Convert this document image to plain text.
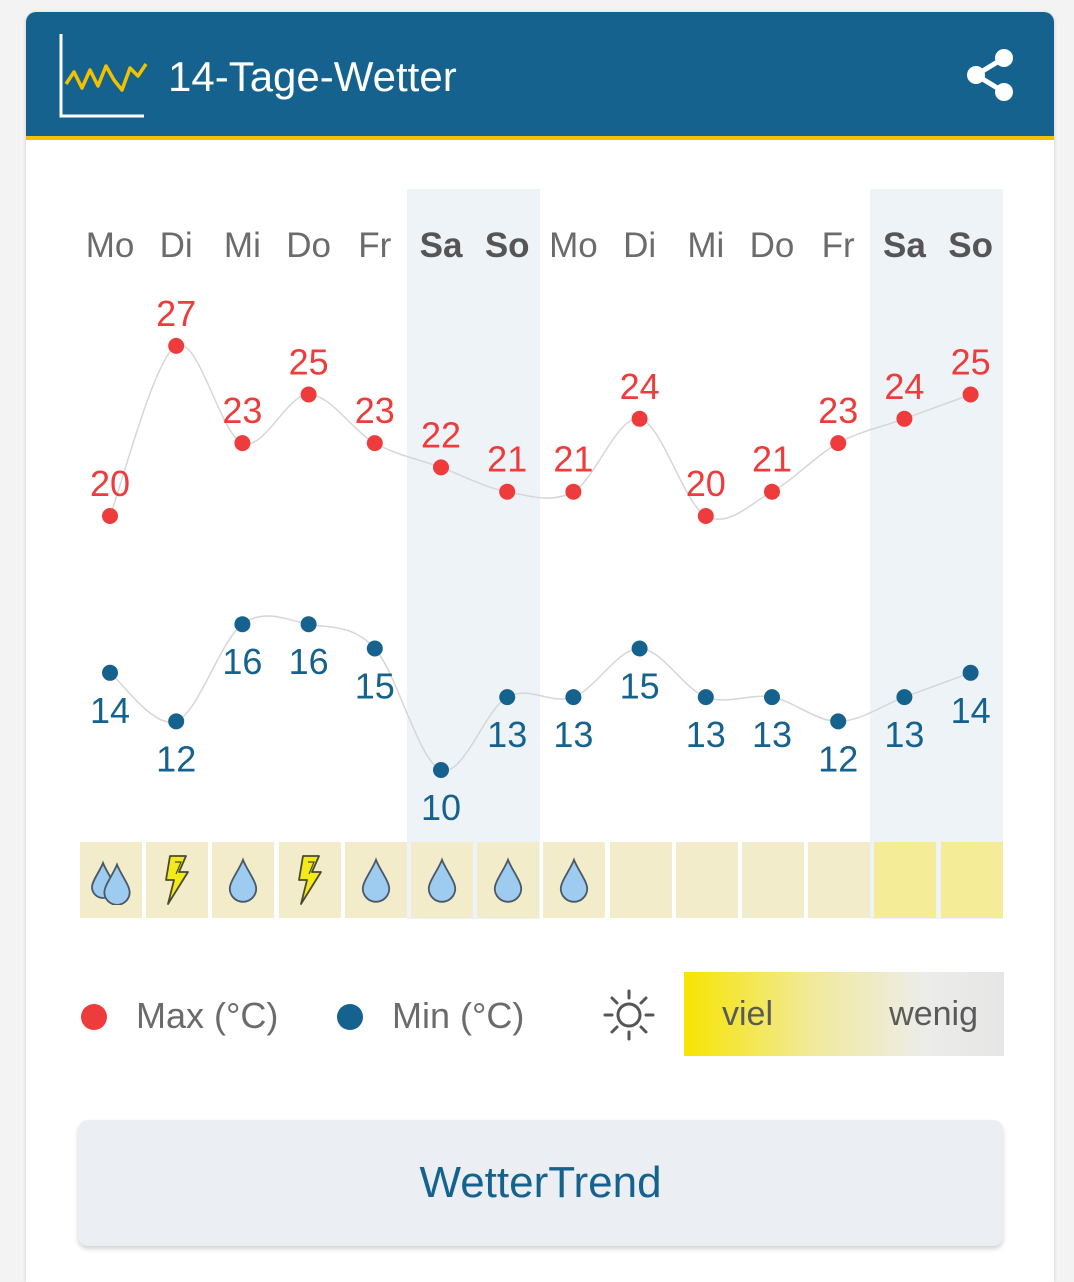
14-Tage-Wetter
Mo Di Mi Do Fr Sa So Mo Di Mi Do Fr Sa So
20
27
23
25
23
22
21 21
24
20
21
23
24
25
14
12
16 16
15
10
13 13
15
13 13
12
13
14
Max (°C)	Min (°C)	viel	wenig
WetterTrend
